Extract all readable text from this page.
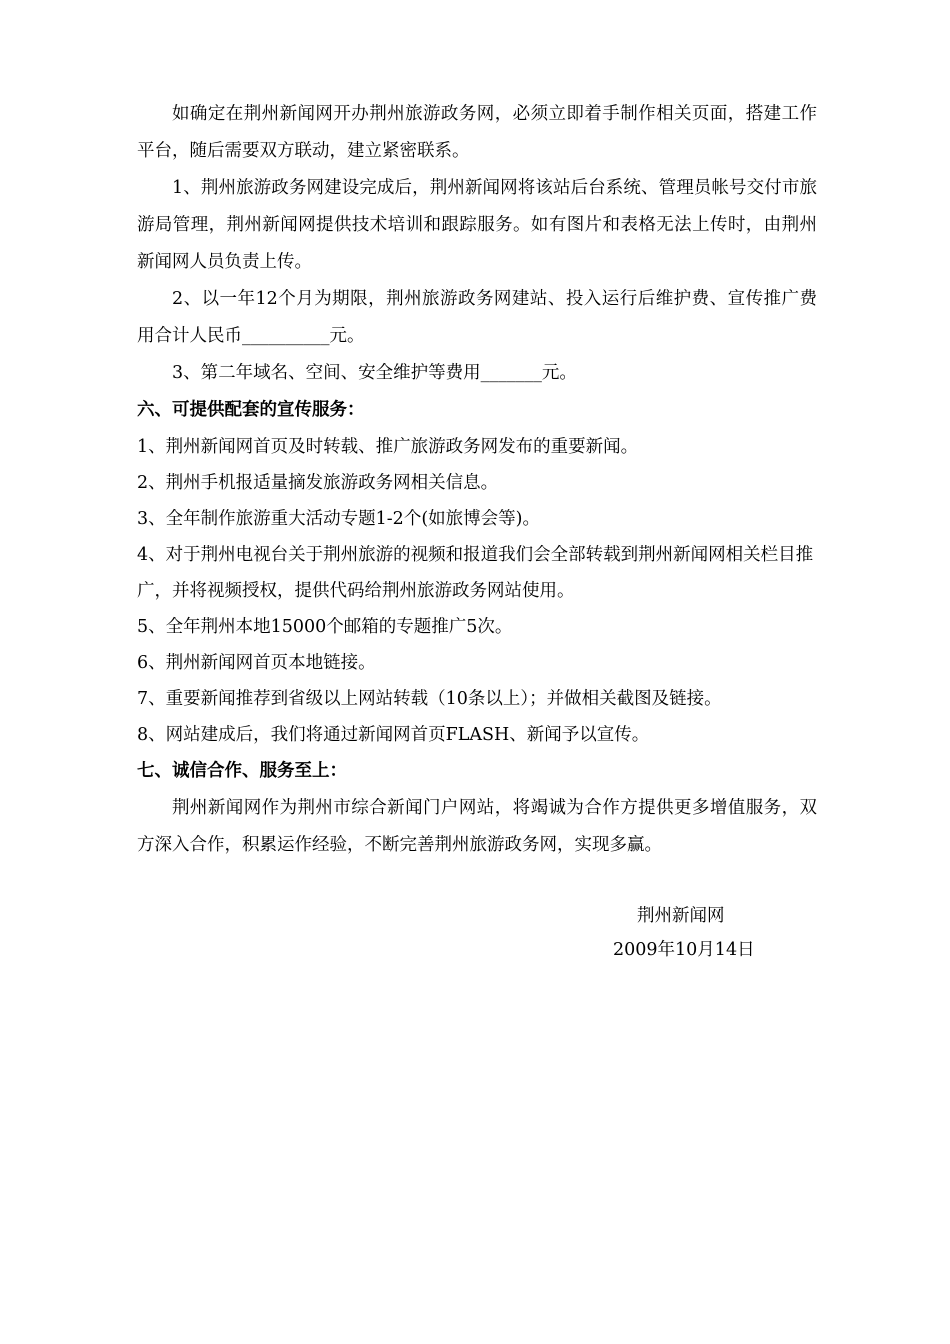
如确定在荆州新闻网开办荆州旅游政务网，必须立即着手制作相关页面，搭建工作平台，随后需要双方联动，建立紧密联系。

1、荆州旅游政务网建设完成后，荆州新闻网将该站后台系统、管理员帐号交付市旅游局管理，荆州新闻网提供技术培训和跟踪服务。如有图片和表格无法上传时，由荆州新闻网人员负责上传。

2、以一年12个月为期限，荆州旅游政务网建站、投入运行后维护费、宣传推广费用合计人民币__________元。

3、第二年域名、空间、安全维护等费用_______元。

六、可提供配套的宣传服务：

1、荆州新闻网首页及时转载、推广旅游政务网发布的重要新闻。

2、荆州手机报适量摘发旅游政务网相关信息。

3、全年制作旅游重大活动专题1-2个(如旅博会等)。

4、对于荆州电视台关于荆州旅游的视频和报道我们会全部转载到荆州新闻网相关栏目推广，并将视频授权，提供代码给荆州旅游政务网站使用。

5、全年荆州本地15000个邮箱的专题推广5次。

6、荆州新闻网首页本地链接。

7、重要新闻推荐到省级以上网站转载（10条以上）；并做相关截图及链接。

8、网站建成后，我们将通过新闻网首页FLASH、新闻予以宣传。

七、诚信合作、服务至上：

荆州新闻网作为荆州市综合新闻门户网站，将竭诚为合作方提供更多增值服务，双方深入合作，积累运作经验，不断完善荆州旅游政务网，实现多赢。

荆州新闻网
2009年10月14日
